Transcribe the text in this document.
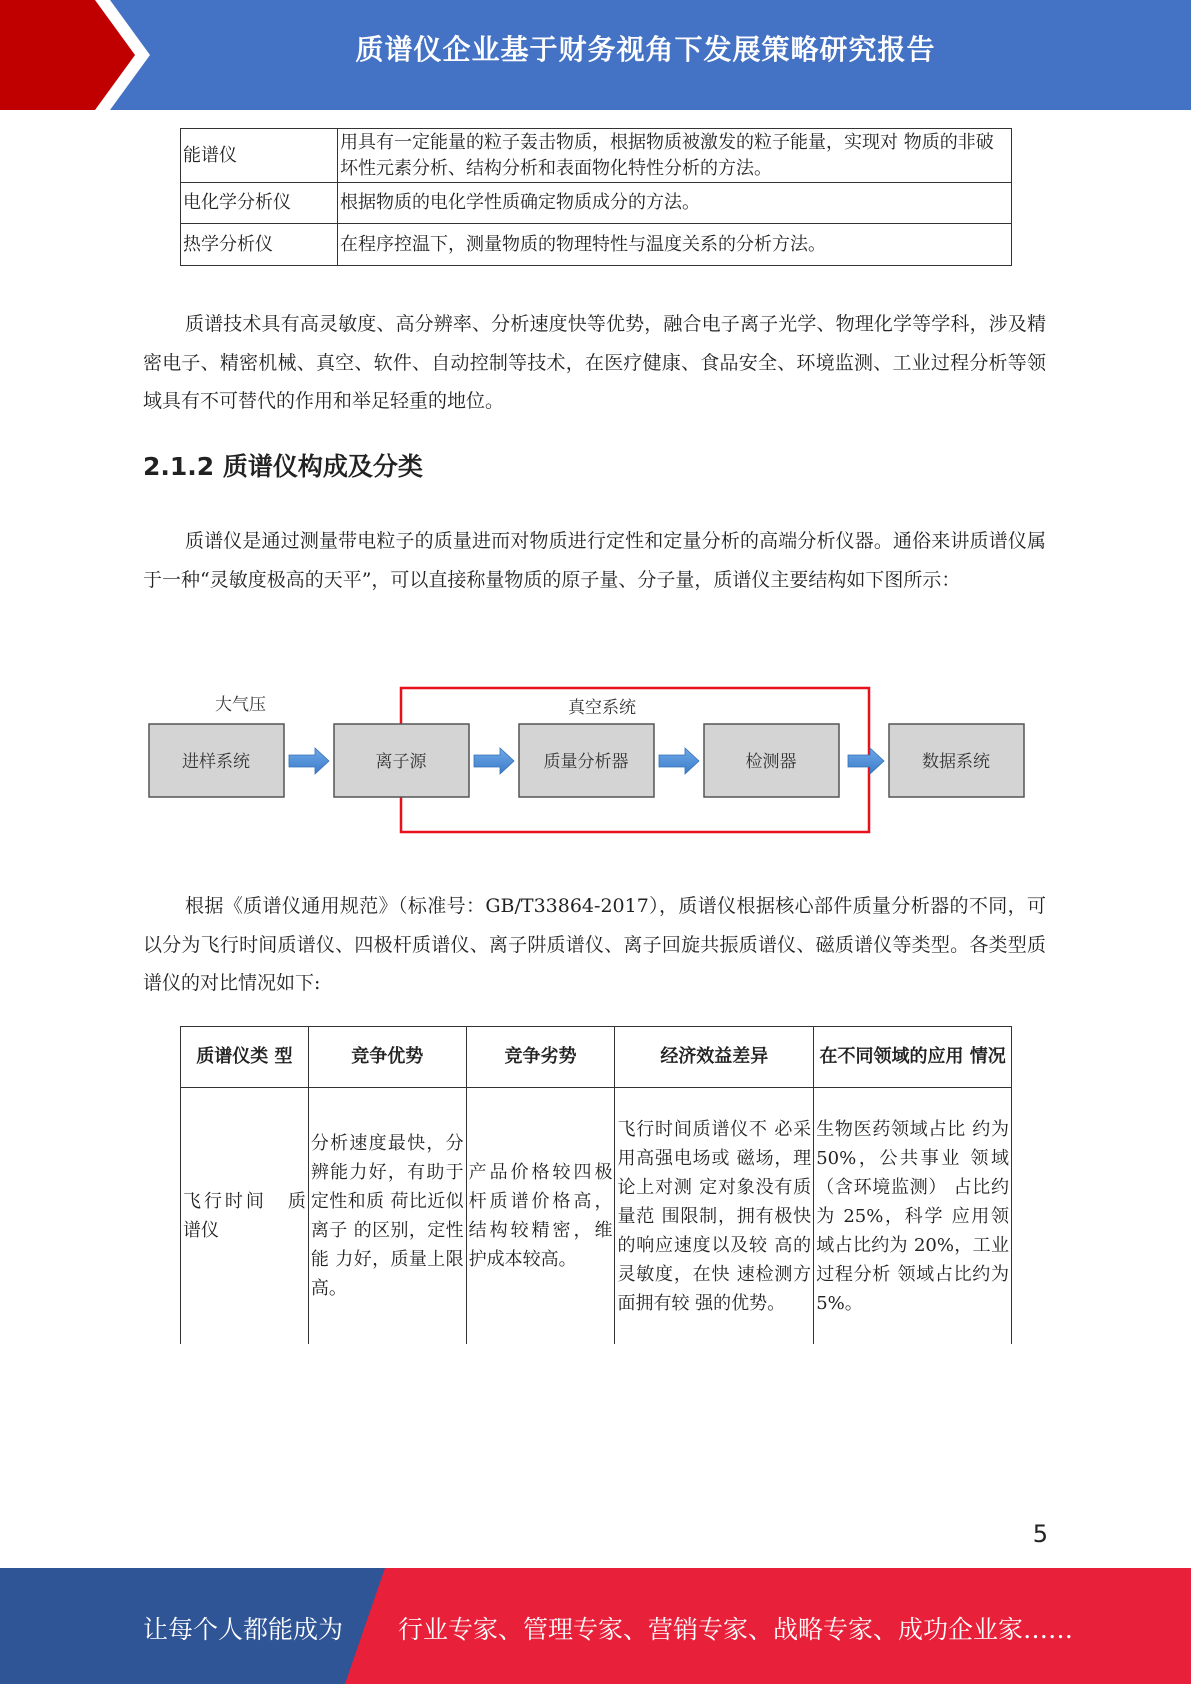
质谱仪企业基于财务视角下发展策略研究报告
能谱仪	用具有一定能量的粒子轰击物质，根据物质被激发的粒子能量，实现对 物质的非破坏性元素分析、结构分析和表面物化特性分析的方法。
电化学分析仪	根据物质的电化学性质确定物质成分的方法。
热学分析仪	在程序控温下，测量物质的物理特性与温度关系的分析方法。

质谱技术具有高灵敏度、高分辨率、分析速度快等优势，融合电子离子光学、物理化学等学科，涉及精密电子、精密机械、真空、软件、自动控制等技术，在医疗健康、食品安全、环境监测、工业过程分析等领域具有不可替代的作用和举足轻重的地位。

2.1.2 质谱仪构成及分类

质谱仪是通过测量带电粒子的质量进而对物质进行定性和定量分析的高端分析仪器。通俗来讲质谱仪属于一种“灵敏度极高的天平”，可以直接称量物质的原子量、分子量，质谱仪主要结构如下图所示：

大气压	真空系统
进样系统	离子源	质量分析器	检测器	数据系统

根据《质谱仪通用规范》（标准号：GB/T33864-2017），质谱仪根据核心部件质量分析器的不同，可以分为飞行时间质谱仪、四极杆质谱仪、离子阱质谱仪、离子回旋共振质谱仪、磁质谱仪等类型。各类型质谱仪的对比情况如下:

质谱仪类 型	竞争优势	竞争劣势	经济效益差异	在不同领域的应用 情况
飞行时间　质谱仪	分析速度最快，分辨能力好，有助于定性和质 荷比近似离子 的区别，定性能 力好，质量上限 高。	产品价格较四极杆质谱价格高，结构较精密，维护成本较高。	飞行时间质谱仪不 必采用高强电场或 磁场，理论上对测 定对象没有质量范 围限制，拥有极快 的响应速度以及较 高的灵敏度，在快 速检测方面拥有较 强的优势。	生物医药领域占比 约为 50%，公共事业 领域（含环境监测） 占比约为 25%，科学 应用领域占比约为 20%，工业过程分析 领域占比约为 5%。
5
让每个人都能成为 行业专家、管理专家、营销专家、战略专家、成功企业家……
